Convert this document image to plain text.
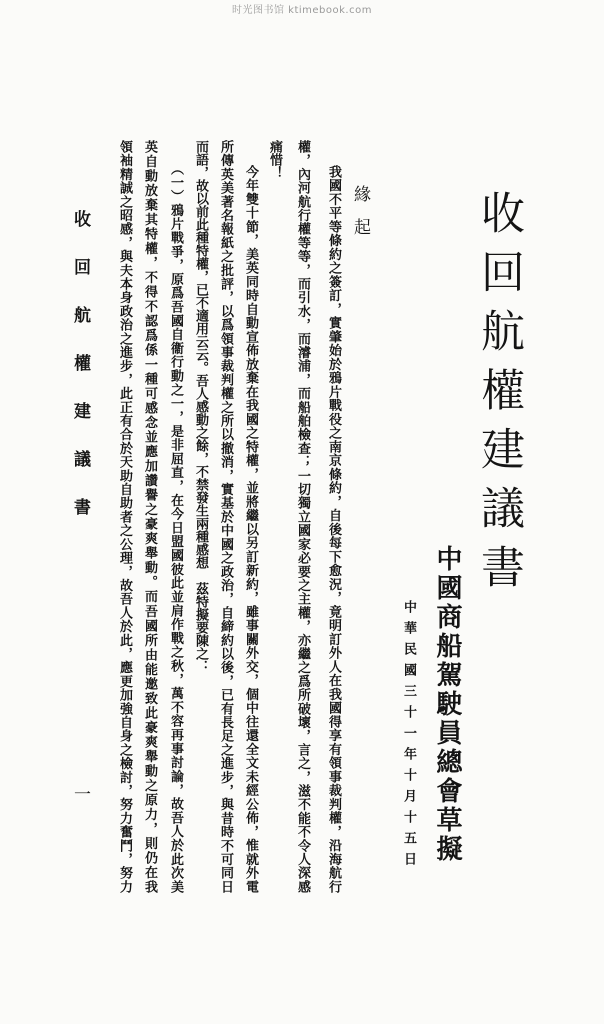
时光图书馆 ktimebook.com
收回航權建議書
中國商船駕駛員總會草擬
中華民國三十一年十月十五日
緣起
我國不平等條約之簽訂，實肇始於鴉片戰役之南京條約，自後每下愈況，竟明訂外人在我國得享有領事裁判權，沿海航行
權，內河航行權等等，而引水，而濬浦，而船舶檢查；一切獨立國家必要之主權，亦繼之爲所破壞，言之，滋不能不令人深感
痛惜！
今年雙十節，美英同時自動宣佈放棄在我國之特權，並將繼以另訂新約，雖事關外交，個中往還全文未經公佈，惟就外電
所傳英美著名報紙之批評，以爲領事裁判權之所以撤消，實基於中國之政治，自締約以後，已有長足之進步，與昔時不可同日
而語，故以前此種特權，已不適用云云。吾人感動之餘，不禁發生兩種感想　茲特擬要陳之：
（一）鴉片戰爭，原爲吾國自衞行動之一，是非屈直，在今日盟國彼此並肩作戰之秋，萬不容再事討論，故吾人於此次美
英自動放棄其特權，不得不認爲係一種可感念並應加讚譽之豪爽舉動。而吾國所由能邀致此豪爽舉動之原力，則仍在我
領袖精誠之昭感，與夫本身政治之進步，此正有合於天助自助者之公理，故吾人於此，應更加強自身之檢討，努力奮鬥，努力
收回航權建議書
一
